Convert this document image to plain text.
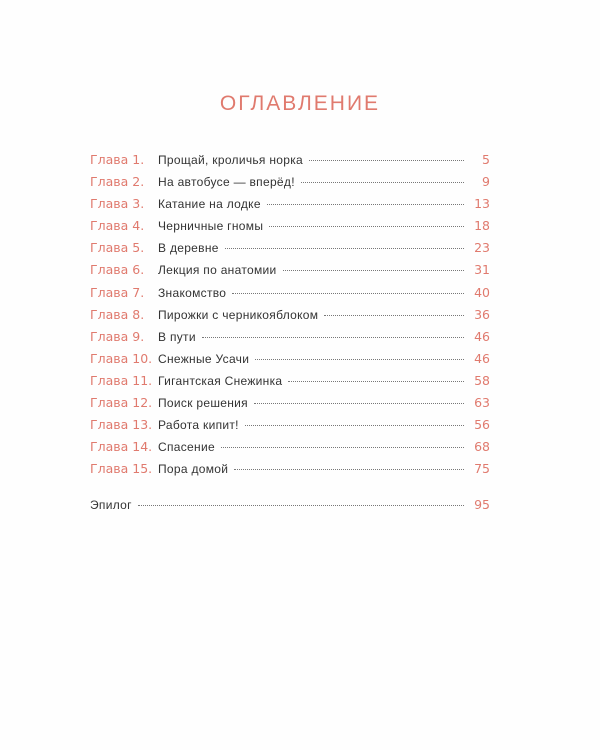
ОГЛАВЛЕНИЕ
Глава 1.	Прощай, кроличья норка	5
Глава 2.	На автобусе — вперёд!	9
Глава 3.	Катание на лодке	13
Глава 4.	Черничные гномы	18
Глава 5.	В деревне	23
Глава 6.	Лекция по анатомии	31
Глава 7.	Знакомство	40
Глава 8.	Пирожки с черникояблоком	36
Глава 9.	В пути	46
Глава 10. Снежные Усачи	46
Глава 11. Гигантская Снежинка	58
Глава 12. Поиск решения	63
Глава 13. Работа кипит!	56
Глава 14. Спасение	68
Глава 15. Пора домой	75
Эпилог	95
